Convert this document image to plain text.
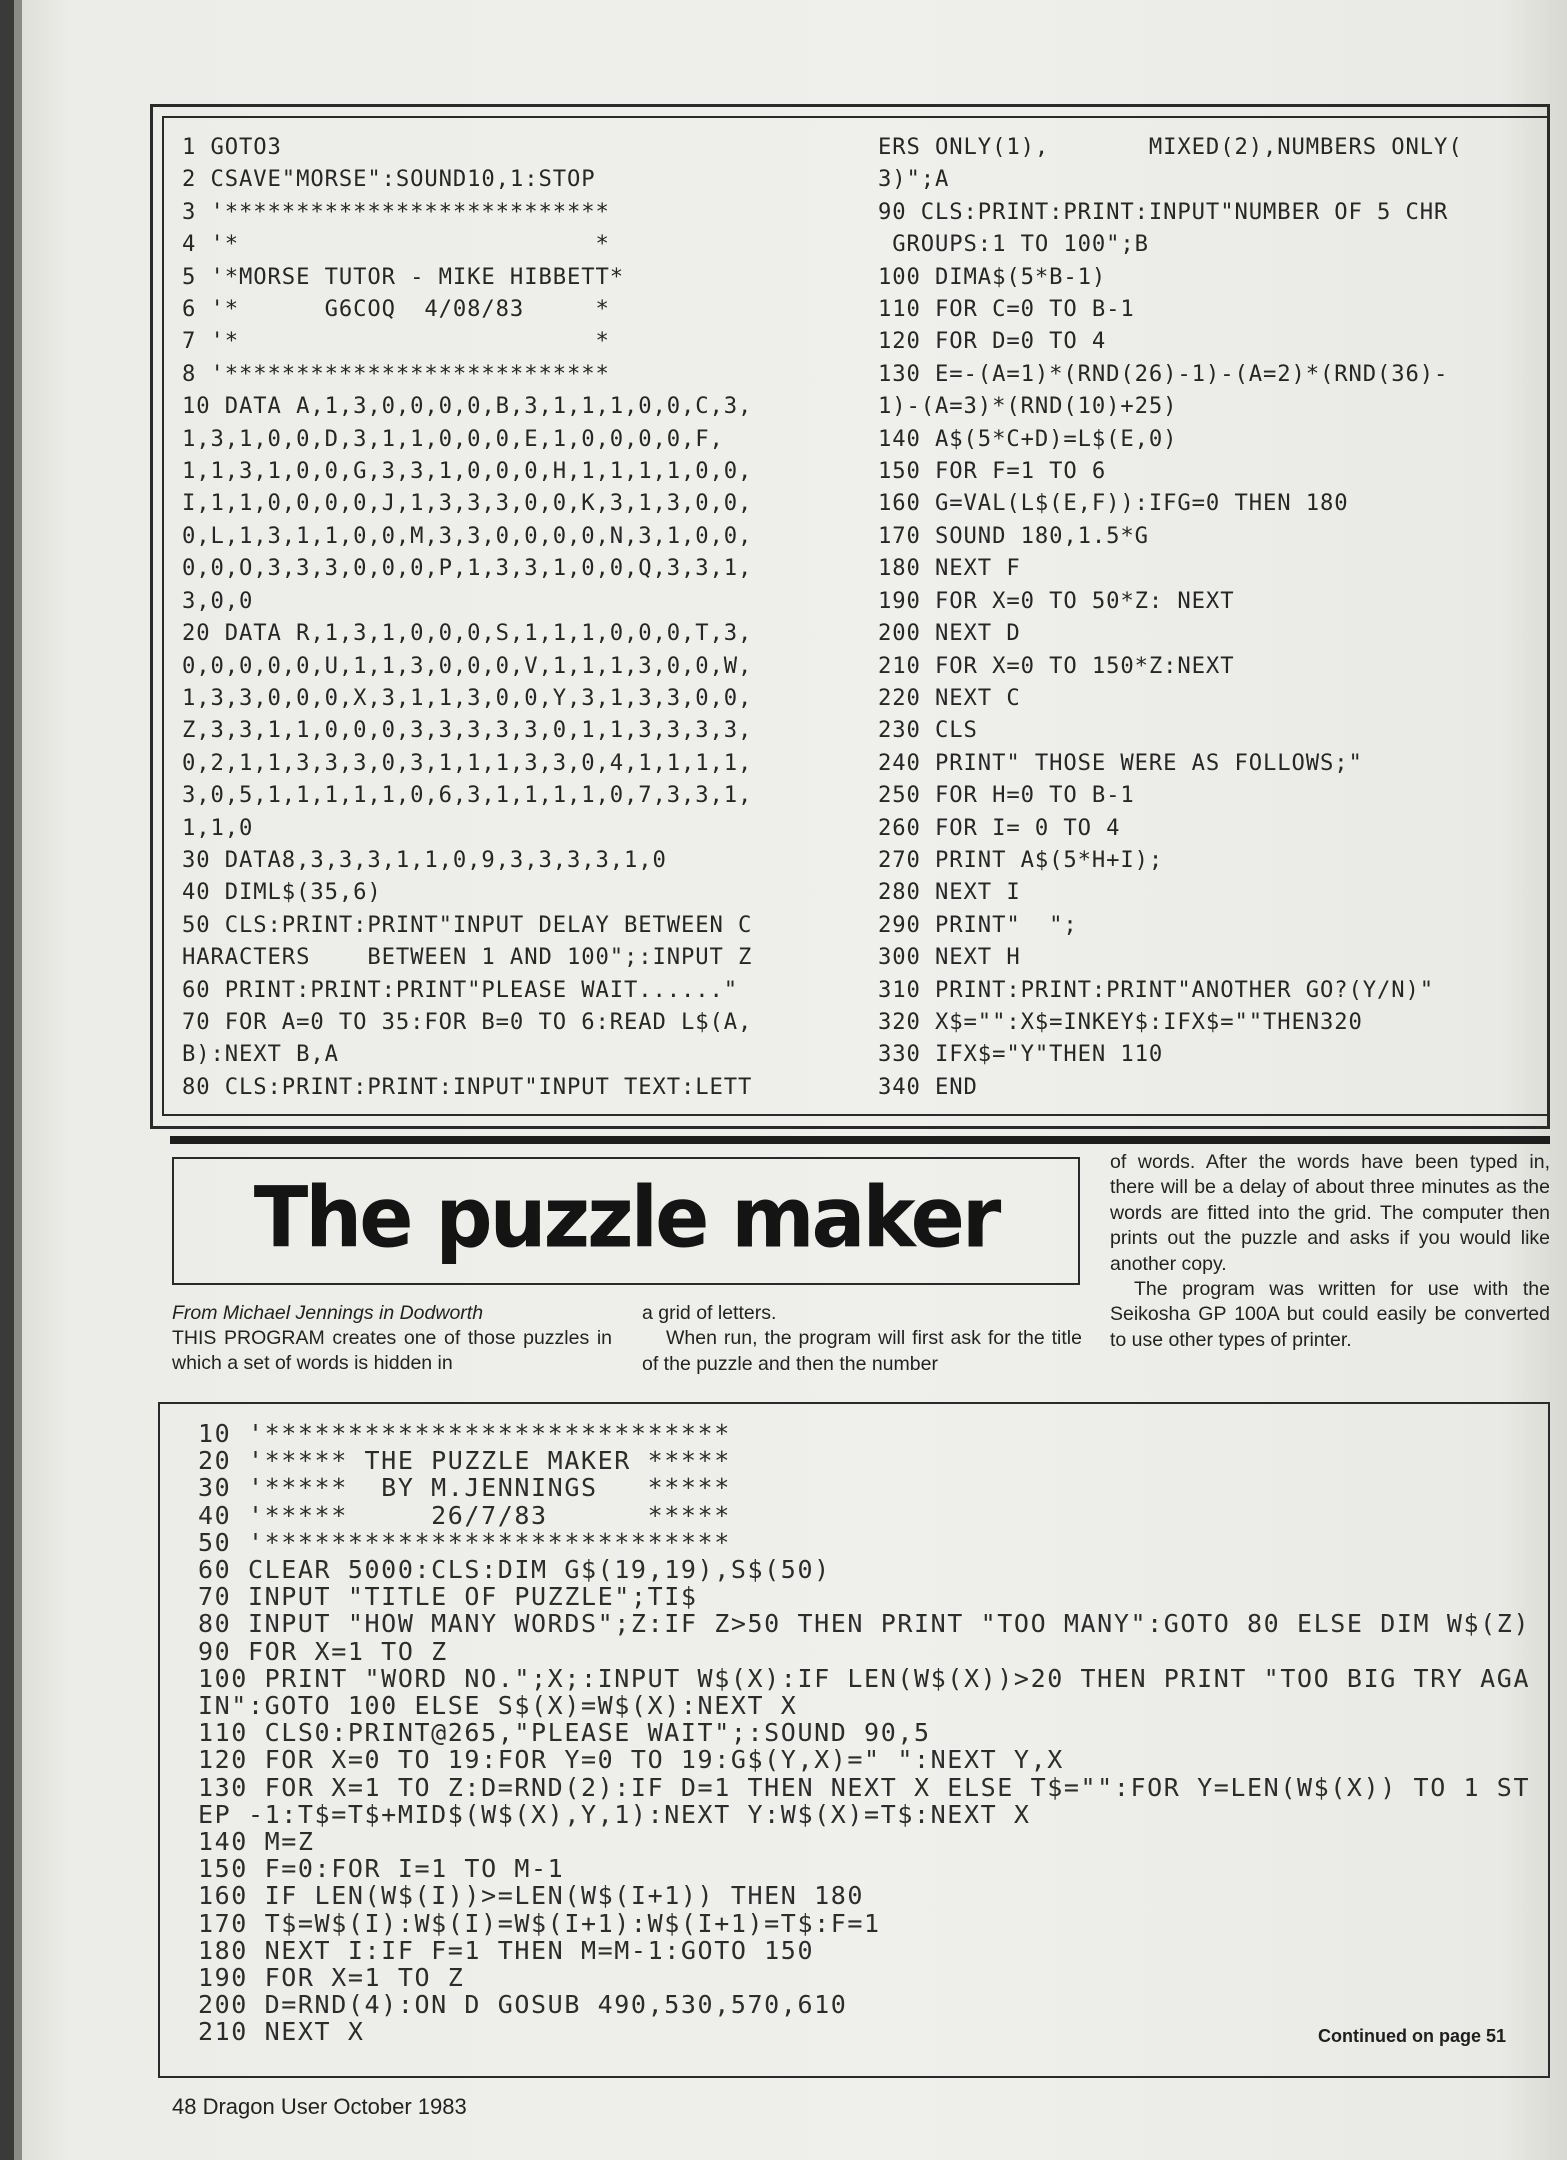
1 GOTO3
2 CSAVE"MORSE":SOUND10,1:STOP
3 '***************************
4 '*                         *
5 '*MORSE TUTOR - MIKE HIBBETT*
6 '*      G6COQ  4/08/83     *
7 '*                         *
8 '***************************
10 DATA A,1,3,0,0,0,0,B,3,1,1,1,0,0,C,3,
1,3,1,0,0,D,3,1,1,0,0,0,E,1,0,0,0,0,F,
1,1,3,1,0,0,G,3,3,1,0,0,0,H,1,1,1,1,0,0,
I,1,1,0,0,0,0,J,1,3,3,3,0,0,K,3,1,3,0,0,
0,L,1,3,1,1,0,0,M,3,3,0,0,0,0,N,3,1,0,0,
0,0,O,3,3,3,0,0,0,P,1,3,3,1,0,0,Q,3,3,1,
3,0,0
20 DATA R,1,3,1,0,0,0,S,1,1,1,0,0,0,T,3,
0,0,0,0,0,U,1,1,3,0,0,0,V,1,1,1,3,0,0,W,
1,3,3,0,0,0,X,3,1,1,3,0,0,Y,3,1,3,3,0,0,
Z,3,3,1,1,0,0,0,3,3,3,3,3,0,1,1,3,3,3,3,
0,2,1,1,3,3,3,0,3,1,1,1,3,3,0,4,1,1,1,1,
3,0,5,1,1,1,1,1,0,6,3,1,1,1,1,0,7,3,3,1,
1,1,0
30 DATA8,3,3,3,1,1,0,9,3,3,3,3,1,0
40 DIML$(35,6)
50 CLS:PRINT:PRINT"INPUT DELAY BETWEEN C
HARACTERS    BETWEEN 1 AND 100";:INPUT Z
60 PRINT:PRINT:PRINT"PLEASE WAIT......"
70 FOR A=0 TO 35:FOR B=0 TO 6:READ L$(A,
B):NEXT B,A
80 CLS:PRINT:PRINT:INPUT"INPUT TEXT:LETT
ERS ONLY(1),       MIXED(2),NUMBERS ONLY(
3)";A
90 CLS:PRINT:PRINT:INPUT"NUMBER OF 5 CHR
GROUPS:1 TO 100";B
100 DIMA$(5*B-1)
110 FOR C=0 TO B-1
120 FOR D=0 TO 4
130 E=-(A=1)*(RND(26)-1)-(A=2)*(RND(36)-
1)-(A=3)*(RND(10)+25)
140 A$(5*C+D)=L$(E,0)
150 FOR F=1 TO 6
160 G=VAL(L$(E,F)):IFG=0 THEN 180
170 SOUND 180,1.5*G
180 NEXT F
190 FOR X=0 TO 50*Z: NEXT
200 NEXT D
210 FOR X=0 TO 150*Z:NEXT
220 NEXT C
230 CLS
240 PRINT" THOSE WERE AS FOLLOWS;"
250 FOR H=0 TO B-1
260 FOR I= 0 TO 4
270 PRINT A$(5*H+I);
280 NEXT I
290 PRINT"  ";
300 NEXT H
310 PRINT:PRINT:PRINT"ANOTHER GO?(Y/N)"
320 X$="":X$=INKEY$:IFX$=""THEN320
330 IFX$="Y"THEN 110
340 END
The puzzle maker
From Michael Jennings in Dodworth

THIS PROGRAM creates one of those puzzles in which a set of words is hidden in

a grid of letters.

When run, the program will first ask for the title of the puzzle and then the number

of words. After the words have been typed in, there will be a delay of about three minutes as the words are fitted into the grid. The computer then prints out the puzzle and asks if you would like another copy.

The program was written for use with the Seikosha GP 100A but could easily be converted to use other types of printer.

10 '****************************
20 '***** THE PUZZLE MAKER *****
30 '*****  BY M.JENNINGS   *****
40 '*****     26/7/83      *****
50 '****************************
60 CLEAR 5000:CLS:DIM G$(19,19),S$(50)
70 INPUT "TITLE OF PUZZLE";TI$
80 INPUT "HOW MANY WORDS";Z:IF Z>50 THEN PRINT "TOO MANY":GOTO 80 ELSE DIM W$(Z)
90 FOR X=1 TO Z
100 PRINT "WORD NO.";X;:INPUT W$(X):IF LEN(W$(X))>20 THEN PRINT "TOO BIG TRY AGA
IN":GOTO 100 ELSE S$(X)=W$(X):NEXT X
110 CLS0:PRINT@265,"PLEASE WAIT";:SOUND 90,5
120 FOR X=0 TO 19:FOR Y=0 TO 19:G$(Y,X)=" ":NEXT Y,X
130 FOR X=1 TO Z:D=RND(2):IF D=1 THEN NEXT X ELSE T$="":FOR Y=LEN(W$(X)) TO 1 ST
EP -1:T$=T$+MID$(W$(X),Y,1):NEXT Y:W$(X)=T$:NEXT X
140 M=Z
150 F=0:FOR I=1 TO M-1
160 IF LEN(W$(I))>=LEN(W$(I+1)) THEN 180
170 T$=W$(I):W$(I)=W$(I+1):W$(I+1)=T$:F=1
180 NEXT I:IF F=1 THEN M=M-1:GOTO 150
190 FOR X=1 TO Z
200 D=RND(4):ON D GOSUB 490,530,570,610
210 NEXT X	Continued on page 51
48 Dragon User October 1983
